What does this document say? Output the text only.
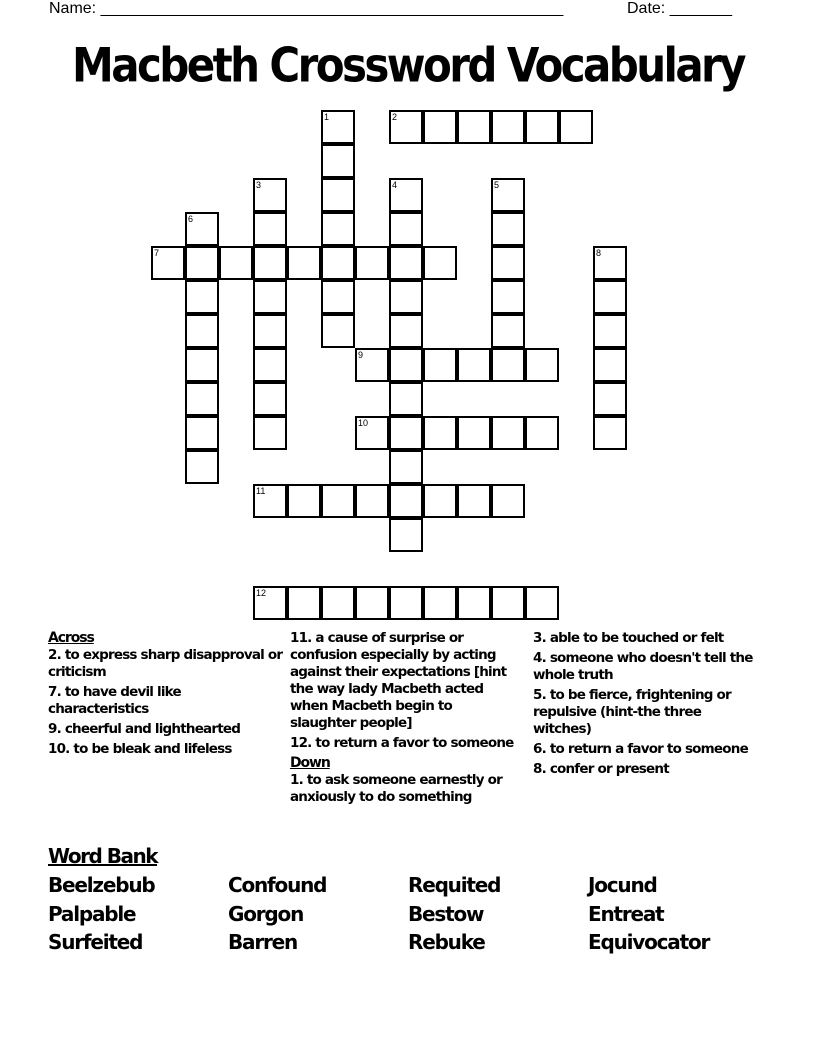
Name: ____________________________________________________	Date: _______
Macbeth Crossword Vocabulary
1	2
3	4	5
6
7	8
9
10
11
12
Across
2. to express sharp disapproval or criticism
7. to have devil like characteristics
9. cheerful and lighthearted
10. to be bleak and lifeless
11. a cause of surprise or confusion especially by acting against their expectations [hint the way lady Macbeth acted when Macbeth begin to slaughter people]
12. to return a favor to someone
Down
1. to ask someone earnestly or anxiously to do something
3. able to be touched or felt
4. someone who doesn't tell the whole truth
5. to be fierce, frightening or repulsive (hint-the three witches)
6. to return a favor to someone
8. confer or present
Word Bank
Beelzebub	Confound	Requited	Jocund
Palpable	Gorgon	Bestow	Entreat
Surfeited	Barren	Rebuke	Equivocator
